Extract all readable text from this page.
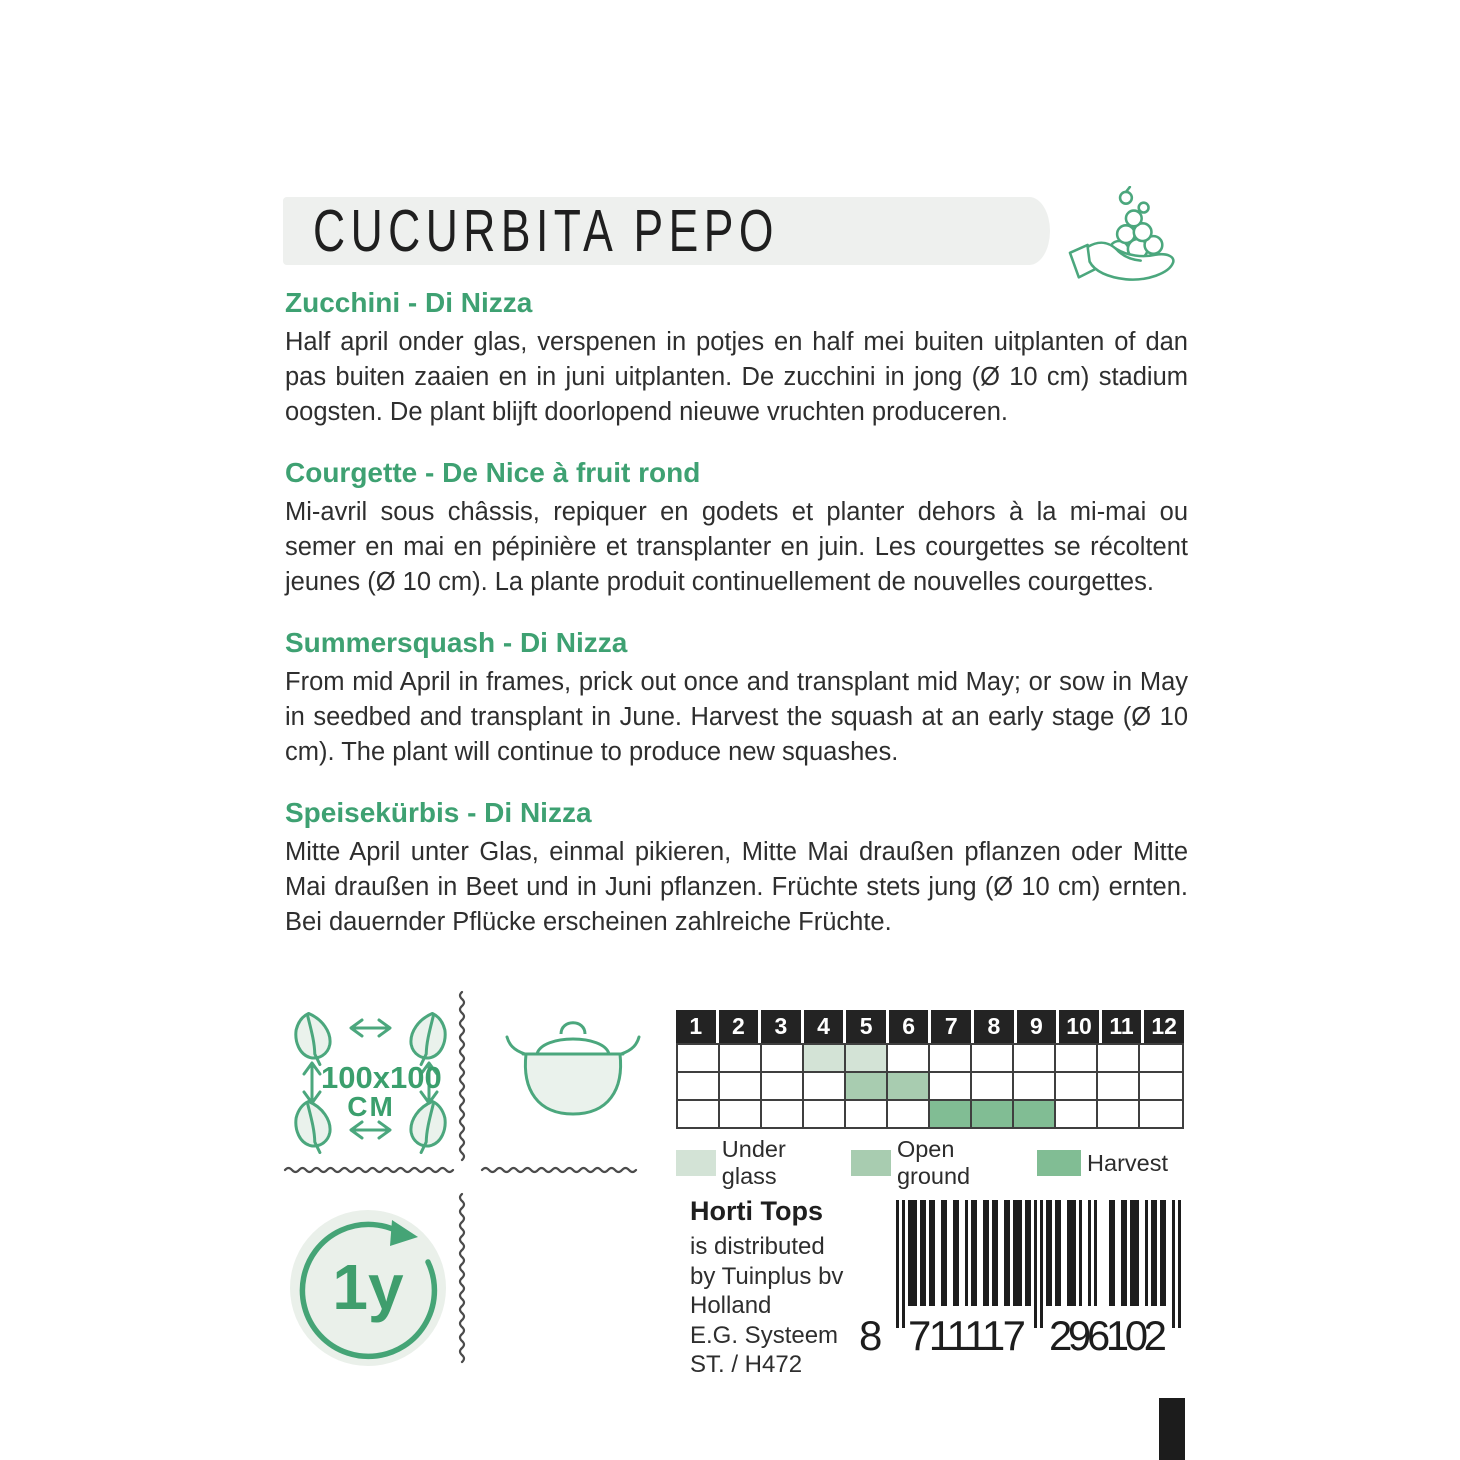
CUCURBITA PEPO
Zucchini - Di Nizza

Half april onder glas, verspenen in potjes en half mei buiten uitplanten of dan pas buiten zaaien en in juni uitplanten. De zucchini in jong (Ø 10 cm) stadium oogsten. De plant blijft doorlopend nieuwe vruchten produceren.

Courgette - De Nice à fruit rond

Mi-avril sous châssis, repiquer en godets et planter dehors à la mi-mai ou semer en mai en pépinière et transplanter en juin. Les courgettes se récoltent jeunes (Ø 10 cm). La plante produit continuellement de nouvelles courgettes.

Summersquash - Di Nizza

From mid April in frames, prick out once and transplant mid May; or sow in May in seedbed and transplant in June. Harvest the squash at an early stage (Ø 10 cm). The plant will continue to produce new squashes.

Speisekürbis - Di Nizza

Mitte April unter Glas, einmal pikieren, Mitte Mai draußen pflanzen oder Mitte Mai draußen in Beet und in Juni pflanzen. Früchte stets jung (Ø 10 cm) ernten. Bei dauernder Pflücke erscheinen zahlreiche Früchte.

100x100
CM
1	2	3	4	5	6	7	8	9	10 11 12
Under glass
Open ground
Harvest
1y
Horti Tops
is distributed
by Tuinplus bv
Holland
E.G. Systeem
ST. / H472
8 711117 296102
